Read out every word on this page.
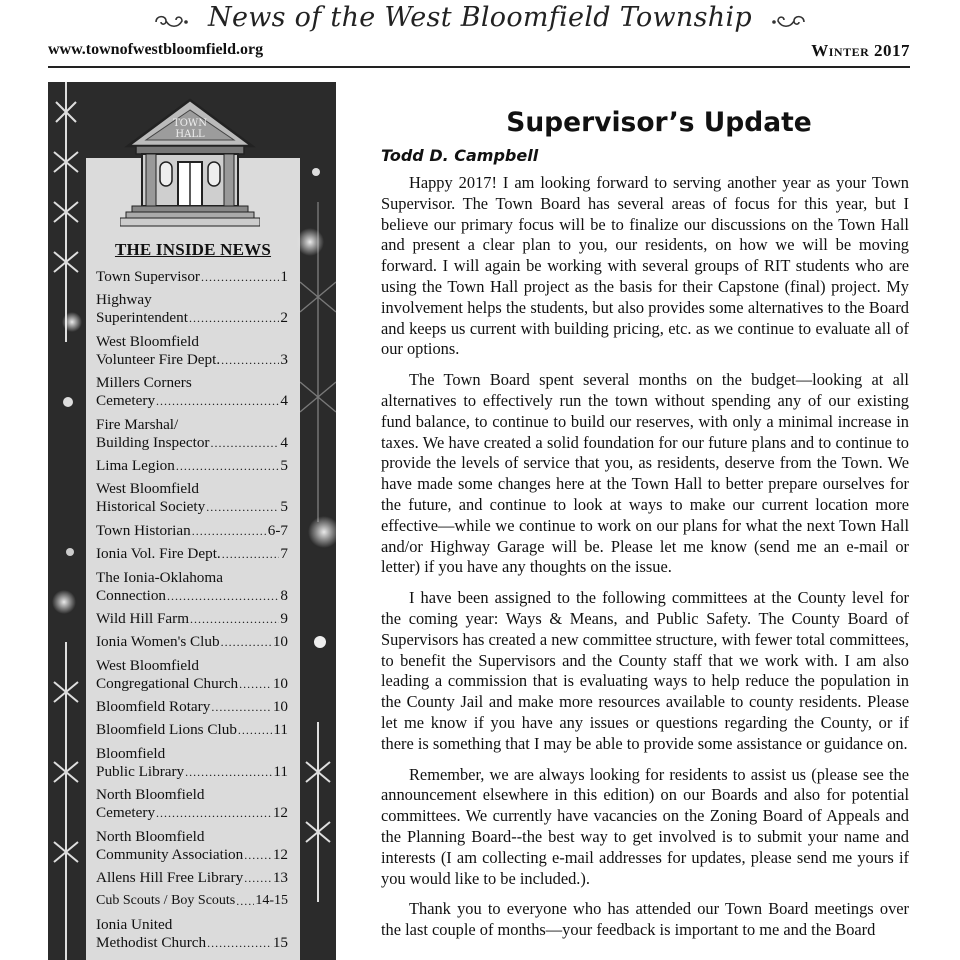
News of the West Bloomfield Township
www.townofwestbloomfield.org	Winter 2017
TOWN
HALL
THE INSIDE NEWS
Town Supervisor .....	1
Highway
Superintendent .....	2
West Bloomfield
Volunteer Fire Dept. .....	3
Millers Corners
Cemetery .....	4
Fire Marshal/
Building Inspector .....	4
Lima Legion .....	5
West Bloomfield
Historical Society .....	5
Town Historian .....	6-7
Ionia Vol. Fire Dept. .....	7
The Ionia-Oklahoma
Connection .....	8
Wild Hill Farm .....	9
Ionia Women's Club .....	10
West Bloomfield
Congregational Church ..... 10
Bloomfield Rotary .....	10
Bloomfield Lions Club ..... 11
Bloomfield
Public Library .....	11
North Bloomfield
Cemetery .....	12
North Bloomfield
Community Association ..... 12
Allens Hill Free Library ..... 13
Cub Scouts / Boy Scouts ..... 14-15
Ionia United
Methodist Church .....	15
Supervisor’s Update
Todd D. Campbell

Happy 2017! I am looking forward to serving another year as your Town Supervisor. The Town Board has several areas of focus for this year, but I believe our primary focus will be to finalize our discussions on the Town Hall and present a clear plan to you, our residents, on how we will be moving forward. I will again be working with several groups of RIT students who are using the Town Hall project as the basis for their Capstone (final) project. My involvement helps the students, but also provides some alternatives to the Board and keeps us current with building pricing, etc. as we continue to evaluate all of our options.

The Town Board spent several months on the budget—looking at all alternatives to effectively run the town without spending any of our existing fund balance, to continue to build our reserves, with only a minimal increase in taxes. We have created a solid foundation for our future plans and to continue to provide the levels of service that you, as residents, deserve from the Town. We have made some changes here at the Town Hall to better prepare ourselves for the future, and continue to look at ways to make our current location more effective—while we continue to work on our plans for what the next Town Hall and/or Highway Garage will be. Please let me know (send me an e-mail or letter) if you have any thoughts on the issue.

I have been assigned to the following committees at the County level for the coming year: Ways & Means, and Public Safety. The County Board of Supervisors has created a new committee structure, with fewer total committees, to benefit the Supervisors and the County staff that we work with. I am also leading a commission that is evaluating ways to help reduce the population in the County Jail and make more resources available to county residents. Please let me know if you have any issues or questions regarding the County, or if there is something that I may be able to provide some assistance or guidance on.

Remember, we are always looking for residents to assist us (please see the announcement elsewhere in this edition) on our Boards and also for potential committees. We currently have vacancies on the Zoning Board of Appeals and the Planning Board--the best way to get involved is to submit your name and interests (I am collecting e-mail addresses for updates, please send me yours if you would like to be included.).

Thank you to everyone who has attended our Town Board meetings over the last couple of months—your feedback is important to me and the Board
